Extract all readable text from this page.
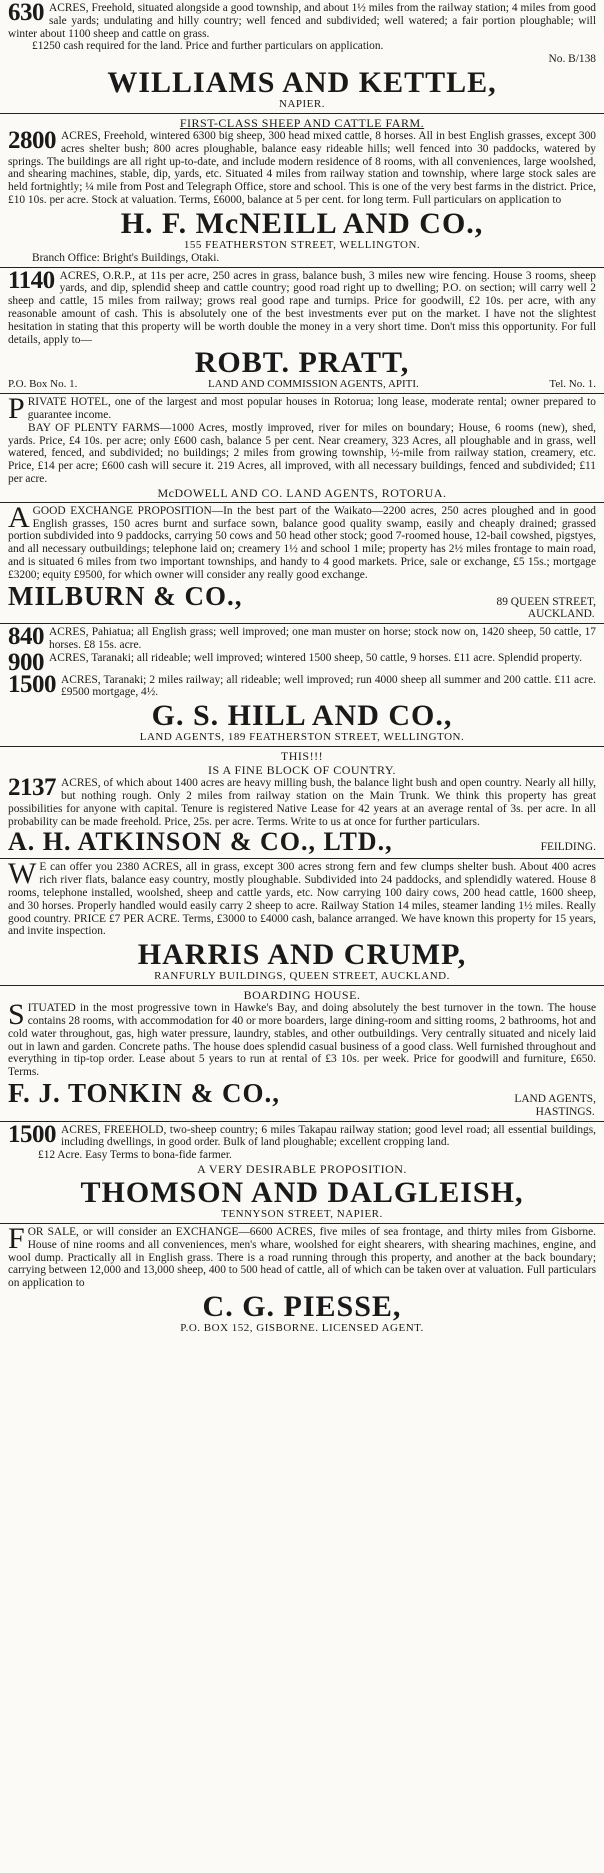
630 ACRES, Freehold, situated alongside a good township, and about 1½ miles from the railway station; 4 miles from good sale yards; undulating and hilly country; well fenced and subdivided; well watered; a fair portion ploughable; will winter about 1100 sheep and cattle on grass.

£1250 cash required for the land. Price and further particulars on application.
No. B/138
WILLIAMS AND KETTLE,
NAPIER.
FIRST-CLASS SHEEP AND CATTLE FARM.

2800 ACRES, Freehold, wintered 6300 big sheep, 300 head mixed cattle, 8 horses. All in best English grasses, except 300 acres shelter bush; 800 acres ploughable, balance easy rideable hills; well fenced into 30 paddocks, watered by springs. The buildings are all right up-to-date, and include modern residence of 8 rooms, with all conveniences, large woolshed, and shearing machines, stable, dip, yards, etc. Situated 4 miles from railway station and township, where large stock sales are held fortnightly; ¼ mile from Post and Telegraph Office, store and school. This is one of the very best farms in the district. Price, £10 10s. per acre. Stock at valuation. Terms, £6000, balance at 5 per cent. for long term. Full particulars on application to

H. F. McNEILL AND CO.,
155 FEATHERSTON STREET, WELLINGTON.
Branch Office: Bright's Buildings, Otaki.

1140 ACRES, O.R.P., at 11s per acre, 250 acres in grass, balance bush, 3 miles new wire fencing. House 3 rooms, sheep yards, and dip, splendid sheep and cattle country; good road right up to dwelling; P.O. on section; will carry well 2 sheep and cattle, 15 miles from railway; grows real good rape and turnips. Price for goodwill, £2 10s. per acre, with any reasonable amount of cash. This is absolutely one of the best investments ever put on the market. I have not the slightest hesitation in stating that this property will be worth double the money in a very short time. Don't miss this opportunity. For full details, apply to—

ROBT. PRATT,
P.O. Box No. 1.	LAND AND COMMISSION AGENTS, APITI.	Tel. No. 1.

P RIVATE HOTEL, one of the largest and most popular houses in Rotorua; long lease, moderate rental; owner prepared to guarantee income.

BAY OF PLENTY FARMS—1000 Acres, mostly improved, river for miles on boundary; House, 6 rooms (new), shed, yards. Price, £4 10s. per acre; only £600 cash, balance 5 per cent. Near creamery, 323 Acres, all ploughable and in grass, well watered, fenced, and subdivided; no buildings; 2 miles from growing township, ½-mile from railway station, creamery, etc. Price, £14 per acre; £600 cash will secure it. 219 Acres, all improved, with all necessary buildings, fenced and subdivided; £11 per acre.

McDOWELL AND CO. LAND AGENTS, ROTORUA.

A GOOD EXCHANGE PROPOSITION—In the best part of the Waikato—2200 acres, 250 acres ploughed and in good English grasses, 150 acres burnt and surface sown, balance good quality swamp, easily and cheaply drained; grassed portion subdivided into 9 paddocks, carrying 50 cows and 50 head other stock; good 7-roomed house, 12-bail cowshed, pigstyes, and all necessary outbuildings; telephone laid on; creamery 1½ and school 1 mile; property has 2½ miles frontage to main road, and is situated 6 miles from two important townships, and handy to 4 good markets. Price, sale or exchange, £5 15s.; mortgage £3200; equity £9500, for which owner will consider any really good exchange.

MILBURN & CO.,	89 QUEEN STREET,
AUCKLAND.

840 ACRES, Pahiatua; all English grass; well improved; one man muster on horse; stock now on, 1420 sheep, 50 cattle, 17 horses. £8 15s. acre.

900 ACRES, Taranaki; all rideable; well improved; wintered 1500 sheep, 50 cattle, 9 horses. £11 acre. Splendid property.

1500 ACRES, Taranaki; 2 miles railway; all rideable; well improved; run 4000 sheep all summer and 200 cattle. £11 acre. £9500 mortgage, 4½.

G. S. HILL AND CO.,
LAND AGENTS, 189 FEATHERSTON STREET, WELLINGTON.
THIS!!!
IS A FINE BLOCK OF COUNTRY.

2137 ACRES, of which about 1400 acres are heavy milling bush, the balance light bush and open country. Nearly all hilly, but nothing rough. Only 2 miles from railway station on the Main Trunk. We think this property has great possibilities for anyone with capital. Tenure is registered Native Lease for 42 years at an average rental of 3s. per acre. In all probability can be made freehold. Price, 25s. per acre. Terms. Write to us at once for further particulars.

A. H. ATKINSON & CO., LTD.,	FEILDING.

W E can offer you 2380 ACRES, all in grass, except 300 acres strong fern and few clumps shelter bush. About 400 acres rich river flats, balance easy country, mostly ploughable. Subdivided into 24 paddocks, and splendidly watered. House 8 rooms, telephone installed, woolshed, sheep and cattle yards, etc. Now carrying 100 dairy cows, 200 head cattle, 1600 sheep, and 30 horses. Properly handled would easily carry 2 sheep to acre. Railway Station 14 miles, steamer landing 1½ miles. Really good country. PRICE £7 PER ACRE. Terms, £3000 to £4000 cash, balance arranged. We have known this property for 15 years, and invite inspection.

HARRIS AND CRUMP,
RANFURLY BUILDINGS, QUEEN STREET, AUCKLAND.
BOARDING HOUSE.

S ITUATED in the most progressive town in Hawke's Bay, and doing absolutely the best turnover in the town. The house contains 28 rooms, with accommodation for 40 or more boarders, large dining-room and sitting rooms, 2 bathrooms, hot and cold water throughout, gas, high water pressure, laundry, stables, and other outbuildings. Very centrally situated and nicely laid out in lawn and garden. Concrete paths. The house does splendid casual business of a good class. Well furnished throughout and everything in tip-top order. Lease about 5 years to run at rental of £3 10s. per week. Price for goodwill and furniture, £650. Terms.

F. J. TONKIN & CO.,	LAND AGENTS,
HASTINGS.

1500 ACRES, FREEHOLD, two-sheep country; 6 miles Takapau railway station; good level road; all essential buildings, including dwellings, in good order. Bulk of land ploughable; excellent cropping land.

£12 Acre. Easy Terms to bona-fide farmer.
A VERY DESIRABLE PROPOSITION.
THOMSON AND DALGLEISH,
TENNYSON STREET, NAPIER.

F OR SALE, or will consider an EXCHANGE—6600 ACRES, five miles of sea frontage, and thirty miles from Gisborne. House of nine rooms and all conveniences, men's whare, woolshed for eight shearers, with shearing machines, engine, and wool dump. Practically all in English grass. There is a road running through this property, and another at the back boundary; carrying between 12,000 and 13,000 sheep, 400 to 500 head of cattle, all of which can be taken over at valuation. Full particulars on application to

C. G. PIESSE,
P.O. BOX 152, GISBORNE. LICENSED AGENT.
